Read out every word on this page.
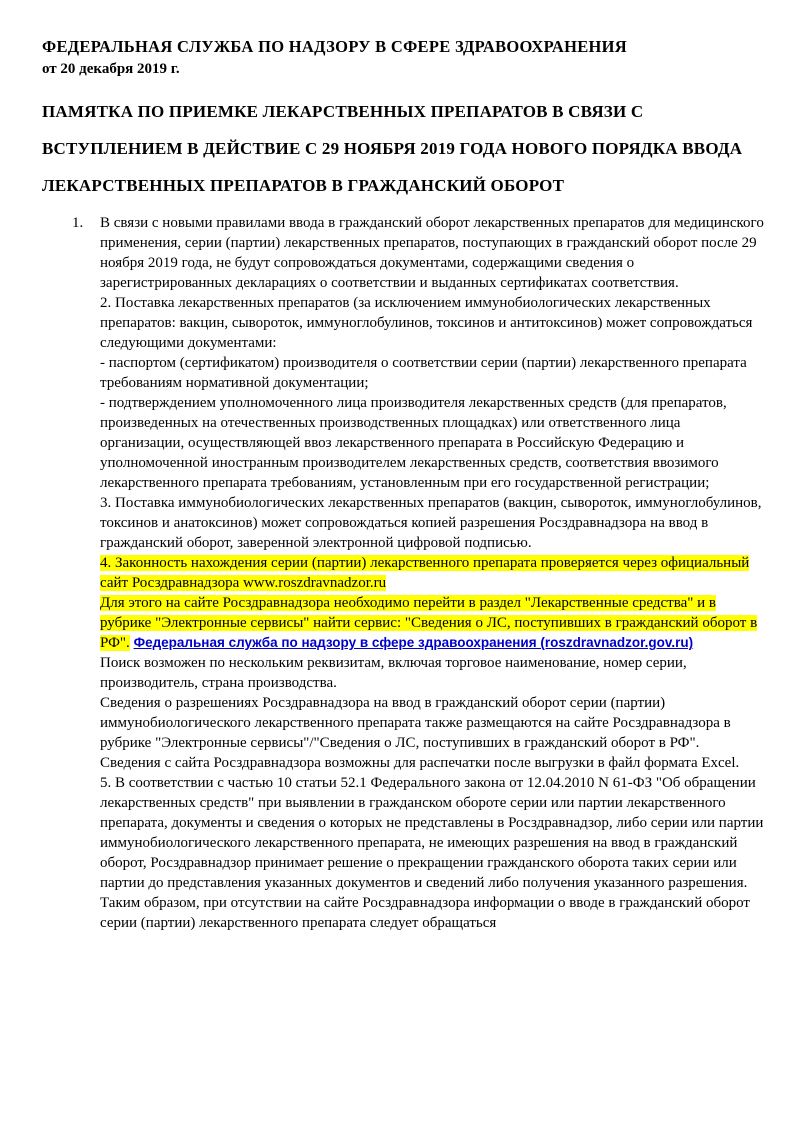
ФЕДЕРАЛЬНАЯ СЛУЖБА ПО НАДЗОРУ В СФЕРЕ ЗДРАВООХРАНЕНИЯ

от 20 декабря 2019 г.

ПАМЯТКА ПО ПРИЕМКЕ ЛЕКАРСТВЕННЫХ ПРЕПАРАТОВ В СВЯЗИ С ВСТУПЛЕНИЕМ В ДЕЙСТВИЕ С 29 НОЯБРЯ 2019 ГОДА НОВОГО ПОРЯДКА ВВОДА ЛЕКАРСТВЕННЫХ ПРЕПАРАТОВ В ГРАЖДАНСКИЙ ОБОРОТ
1.	В связи с новыми правилами ввода в гражданский оборот лекарственных препаратов для медицинского применения, серии (партии) лекарственных препаратов, поступающих в гражданский оборот после 29 ноября 2019 года, не будут сопровождаться документами, содержащими сведения о зарегистрированных декларациях о соответствии и выданных сертификатах соответствия.

2. Поставка лекарственных препаратов (за исключением иммунобиологических лекарственных препаратов: вакцин, сывороток, иммуноглобулинов, токсинов и антитоксинов) может сопровождаться следующими документами:

- паспортом (сертификатом) производителя о соответствии серии (партии) лекарственного препарата требованиям нормативной документации;

- подтверждением уполномоченного лица производителя лекарственных средств (для препаратов, произведенных на отечественных производственных площадках) или ответственного лица организации, осуществляющей ввоз лекарственного препарата в Российскую Федерацию и уполномоченной иностранным производителем лекарственных средств, соответствия ввозимого лекарственного препарата требованиям, установленным при его государственной регистрации;

3. Поставка иммунобиологических лекарственных препаратов (вакцин, сывороток, иммуноглобулинов, токсинов и анатоксинов) может сопровождаться копией разрешения Росздравнадзора на ввод в гражданский оборот, заверенной электронной цифровой подписью.

4. Законность нахождения серии (партии) лекарственного препарата проверяется через официальный сайт Росздравнадзора www.roszdravnadzor.ru
Для этого на сайте Росздравнадзора необходимо перейти в раздел "Лекарственные средства" и в рубрике "Электронные сервисы" найти сервис: "Сведения о ЛС, поступивших в гражданский оборот в РФ". Федеральная служба по надзору в сфере здравоохранения (roszdravnadzor.gov.ru)

Поиск возможен по нескольким реквизитам, включая торговое наименование, номер серии, производитель, страна производства.

Сведения о разрешениях Росздравнадзора на ввод в гражданский оборот серии (партии) иммунобиологического лекарственного препарата также размещаются на сайте Росздравнадзора в рубрике "Электронные сервисы"/"Сведения о ЛС, поступивших в гражданский оборот в РФ".

Сведения с сайта Росздравнадзора возможны для распечатки после выгрузки в файл формата Excel.

5. В соответствии с частью 10 статьи 52.1 Федерального закона от 12.04.2010 N 61-ФЗ "Об обращении лекарственных средств" при выявлении в гражданском обороте серии или партии лекарственного препарата, документы и сведения о которых не представлены в Росздравнадзор, либо серии или партии иммунобиологического лекарственного препарата, не имеющих разрешения на ввод в гражданский оборот, Росздравнадзор принимает решение о прекращении гражданского оборота таких серии или партии до представления указанных документов и сведений либо получения указанного разрешения.

Таким образом, при отсутствии на сайте Росздравнадзора информации о вводе в гражданский оборот серии (партии) лекарственного препарата следует обращаться
